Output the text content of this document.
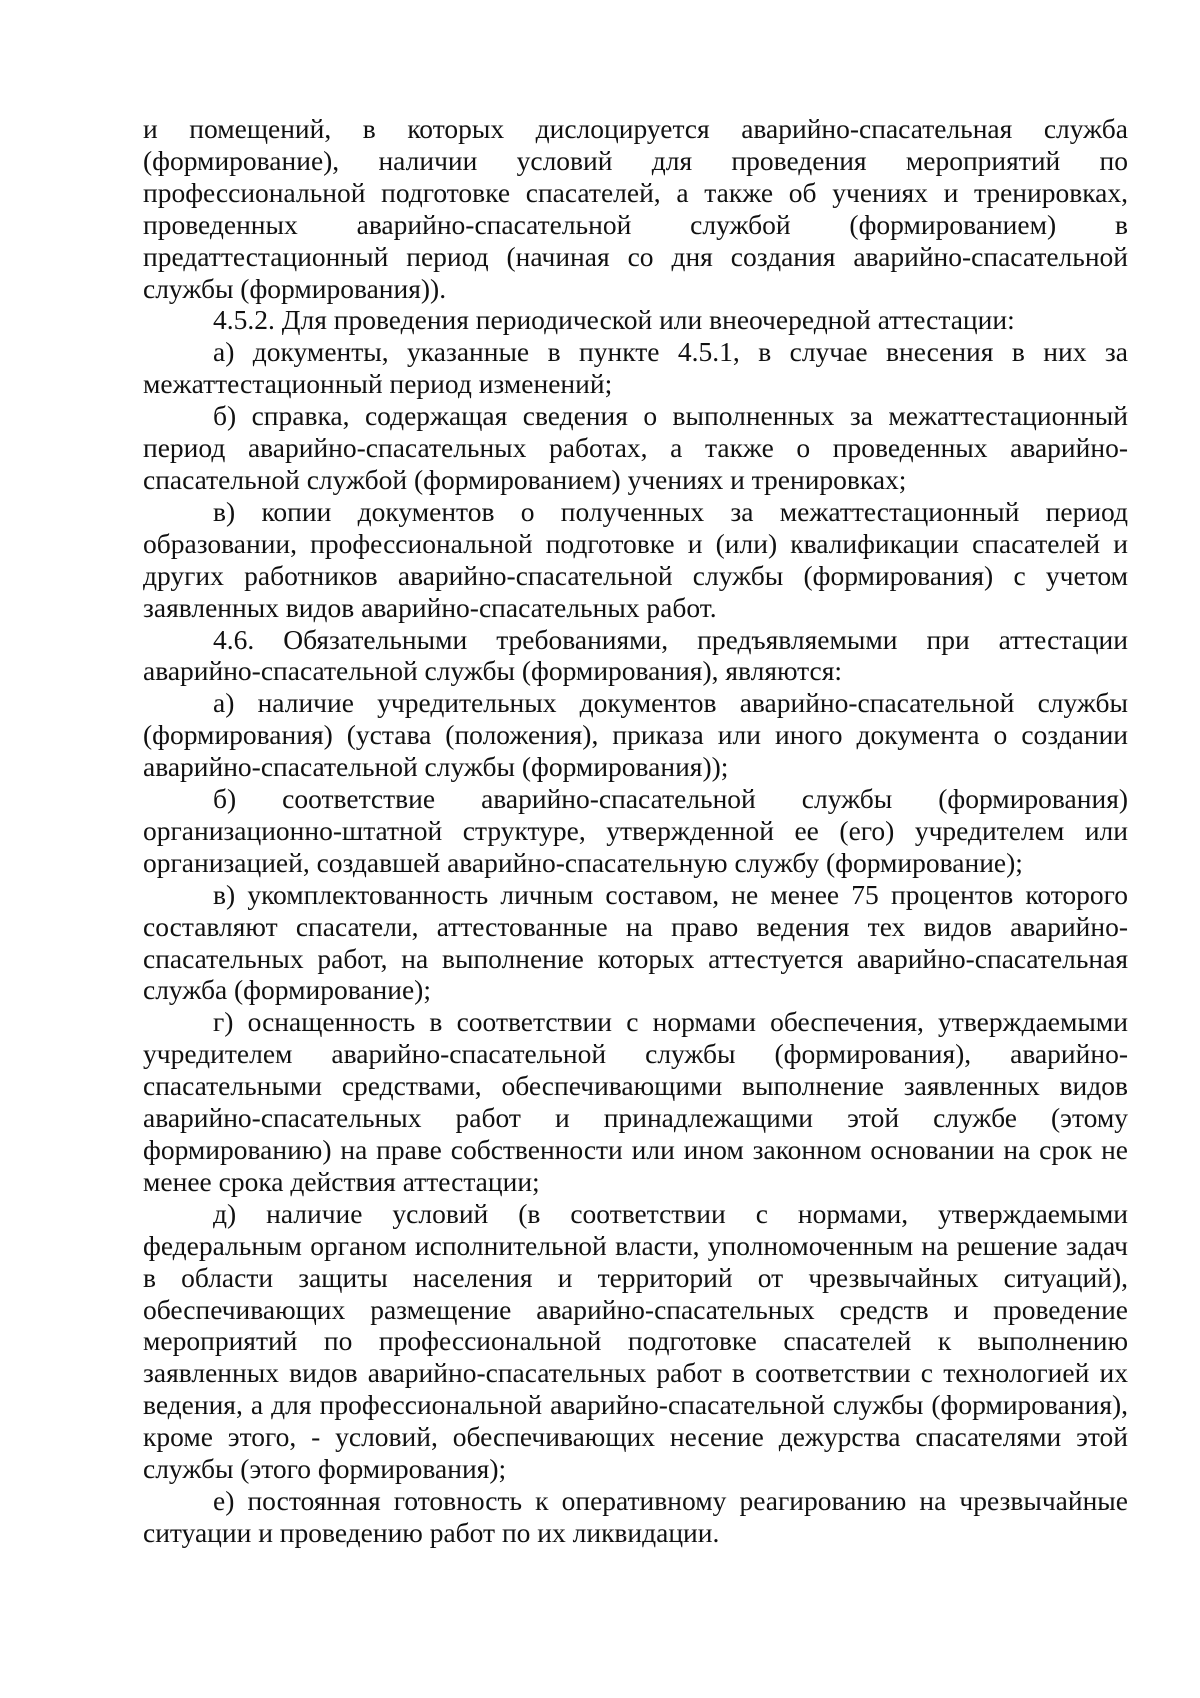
и помещений, в которых дислоцируется аварийно-спасательная служба (формирование), наличии условий для проведения мероприятий по профессиональной подготовке спасателей, а также об учениях и тренировках, проведенных аварийно-спасательной службой (формированием) в предаттестационный период (начиная со дня создания аварийно-спасательной службы (формирования)).

4.5.2. Для проведения периодической или внеочередной аттестации:

а) документы, указанные в пункте 4.5.1, в случае внесения в них за межаттестационный период изменений;

б) справка, содержащая сведения о выполненных за межаттестационный период аварийно-спасательных работах, а также о проведенных аварийно-спасательной службой (формированием) учениях и тренировках;

в) копии документов о полученных за межаттестационный период образовании, профессиональной подготовке и (или) квалификации спасателей и других работников аварийно-спасательной службы (формирования) с учетом заявленных видов аварийно-спасательных работ.

4.6. Обязательными требованиями, предъявляемыми при аттестации аварийно-спасательной службы (формирования), являются:

а) наличие учредительных документов аварийно-спасательной службы (формирования) (устава (положения), приказа или иного документа о создании аварийно-спасательной службы (формирования));

б) соответствие аварийно-спасательной службы (формирования) организационно-штатной структуре, утвержденной ее (его) учредителем или организацией, создавшей аварийно-спасательную службу (формирование);

в) укомплектованность личным составом, не менее 75 процентов которого составляют спасатели, аттестованные на право ведения тех видов аварийно-спасательных работ, на выполнение которых аттестуется аварийно-спасательная служба (формирование);

г) оснащенность в соответствии с нормами обеспечения, утверждаемыми учредителем аварийно-спасательной службы (формирования), аварийно-спасательными средствами, обеспечивающими выполнение заявленных видов аварийно-спасательных работ и принадлежащими этой службе (этому формированию) на праве собственности или ином законном основании на срок не менее срока действия аттестации;

д) наличие условий (в соответствии с нормами, утверждаемыми федеральным органом исполнительной власти, уполномоченным на решение задач в области защиты населения и территорий от чрезвычайных ситуаций), обеспечивающих размещение аварийно-спасательных средств и проведение мероприятий по профессиональной подготовке спасателей к выполнению заявленных видов аварийно-спасательных работ в соответствии с технологией их ведения, а для профессиональной аварийно-спасательной службы (формирования), кроме этого, - условий, обеспечивающих несение дежурства спасателями этой службы (этого формирования);

е) постоянная готовность к оперативному реагированию на чрезвычайные ситуации и проведению работ по их ликвидации.
